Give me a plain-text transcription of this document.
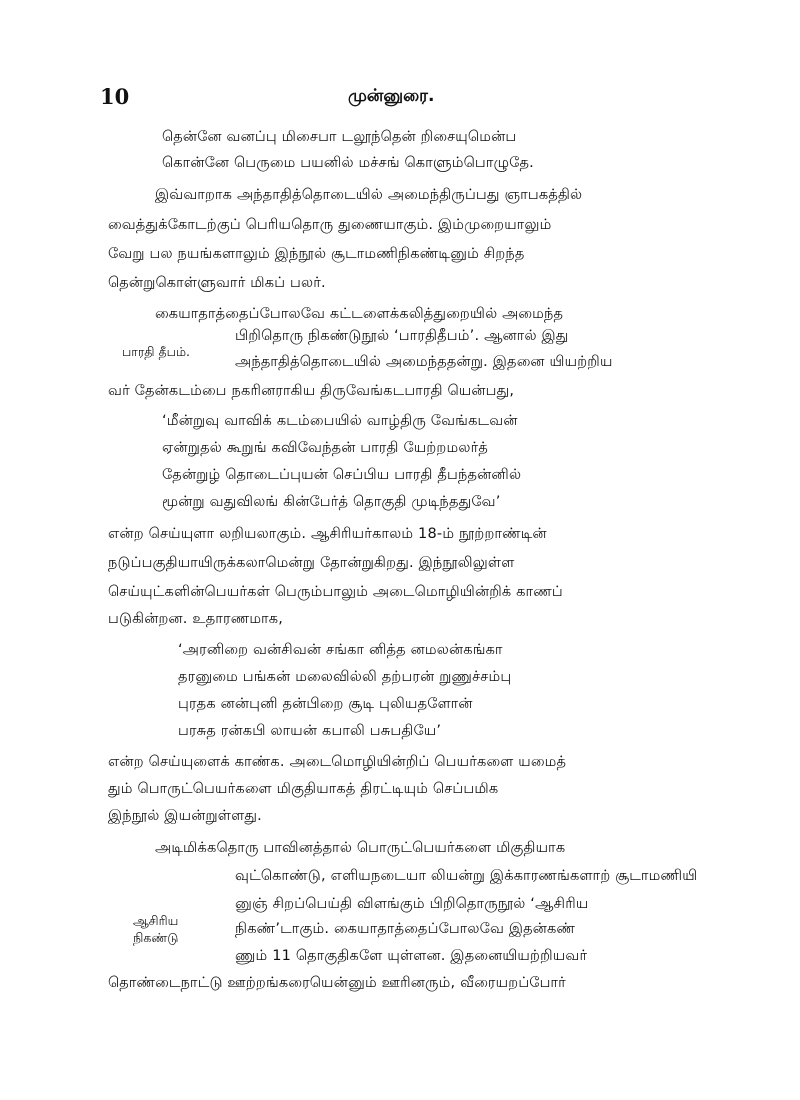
10	முன்னுரை.
தென்னே வனப்பு மிசைபா டலூந்தென் றிசையுமென்ப
கொன்னே பெருமை பயனில் மச்சங் கொளும்பொழுதே.
இவ்வாறாக அந்தாதித்தொடையில் அமைந்திருப்பது ஞாபகத்தில்
வைத்துக்கோடற்குப் பெரியதொரு துணையாகும். இம்முறையாலும்
வேறு பல நயங்களாலும் இந்நூல் சூடாமணிநிகண்டினும் சிறந்த
தென்றுகொள்ளுவார் மிகப் பலர்.
கையாதாத்தைப்போலவே கட்டளைக்கலித்துறையில் அமைந்த
பிறிதொரு நிகண்டுநூல் ‘பாரதிதீபம்’. ஆனால் இது
பாரதி தீபம்.
அந்தாதித்தொடையில் அமைந்ததன்று. இதனை யியற்றிய
வர் தேன்கடம்பை நகரினராகிய திருவேங்கடபாரதி யென்பது,
‘மீன்றுவு வாவிக் கடம்பையில் வாழ்திரு வேங்கடவன்
ஏன்றுதல் கூறுங் கவிவேந்தன் பாரதி யேற்றமலர்த்
தேன்றுழ் தொடைப்புயன் செப்பிய பாரதி தீபந்தன்னில்
மூன்று வதுவிலங் கின்பேர்த் தொகுதி முடிந்ததுவே’
என்ற செய்யுளா லறியலாகும். ஆசிரியர்காலம் 18-ம் நூற்றாண்டின்
நடுப்பகுதியாயிருக்கலாமென்று தோன்றுகிறது. இந்நூலிலுள்ள
செய்யுட்களின்பெயர்கள் பெரும்பாலும் அடைமொழியின்றிக் காணப்
படுகின்றன. உதாரணமாக,
‘அரனிறை வன்சிவன் சங்கா னித்த னமலன்கங்கா
தரனுமை பங்கன் மலைவில்லி தற்பரன் றுணுச்சம்பு
புரதக னன்புனி தன்பிறை சூடி புலியதளோன்
பரசுத ரன்கபி லாயன் கபாலி பசுபதியே’
என்ற செய்யுளைக் காண்க. அடைமொழியின்றிப் பெயர்களை யமைத்
தும் பொருட்பெயர்களை மிகுதியாகத் திரட்டியும் செப்பமிக
இந்நூல் இயன்றுள்ளது.
அடிமிக்கதொரு பாவினத்தால் பொருட்பெயர்களை மிகுதியாக
வுட்கொண்டு, எளியநடையா லியன்று இக்காரணங்களாற் சூடாமணியி
னுஞ் சிறப்பெய்தி விளங்கும் பிறிதொருநூல் ‘ஆசிரிய
ஆசிரிய
நிகண்டு
நிகண்’டாகும். கையாதாத்தைப்போலவே இதன்கண்
ணும் 11 தொகுதிகளே யுள்ளன. இதனையியற்றியவர்
தொண்டைநாட்டு ஊற்றங்கரையென்னும் ஊரினரும், வீரையறப்போர்
